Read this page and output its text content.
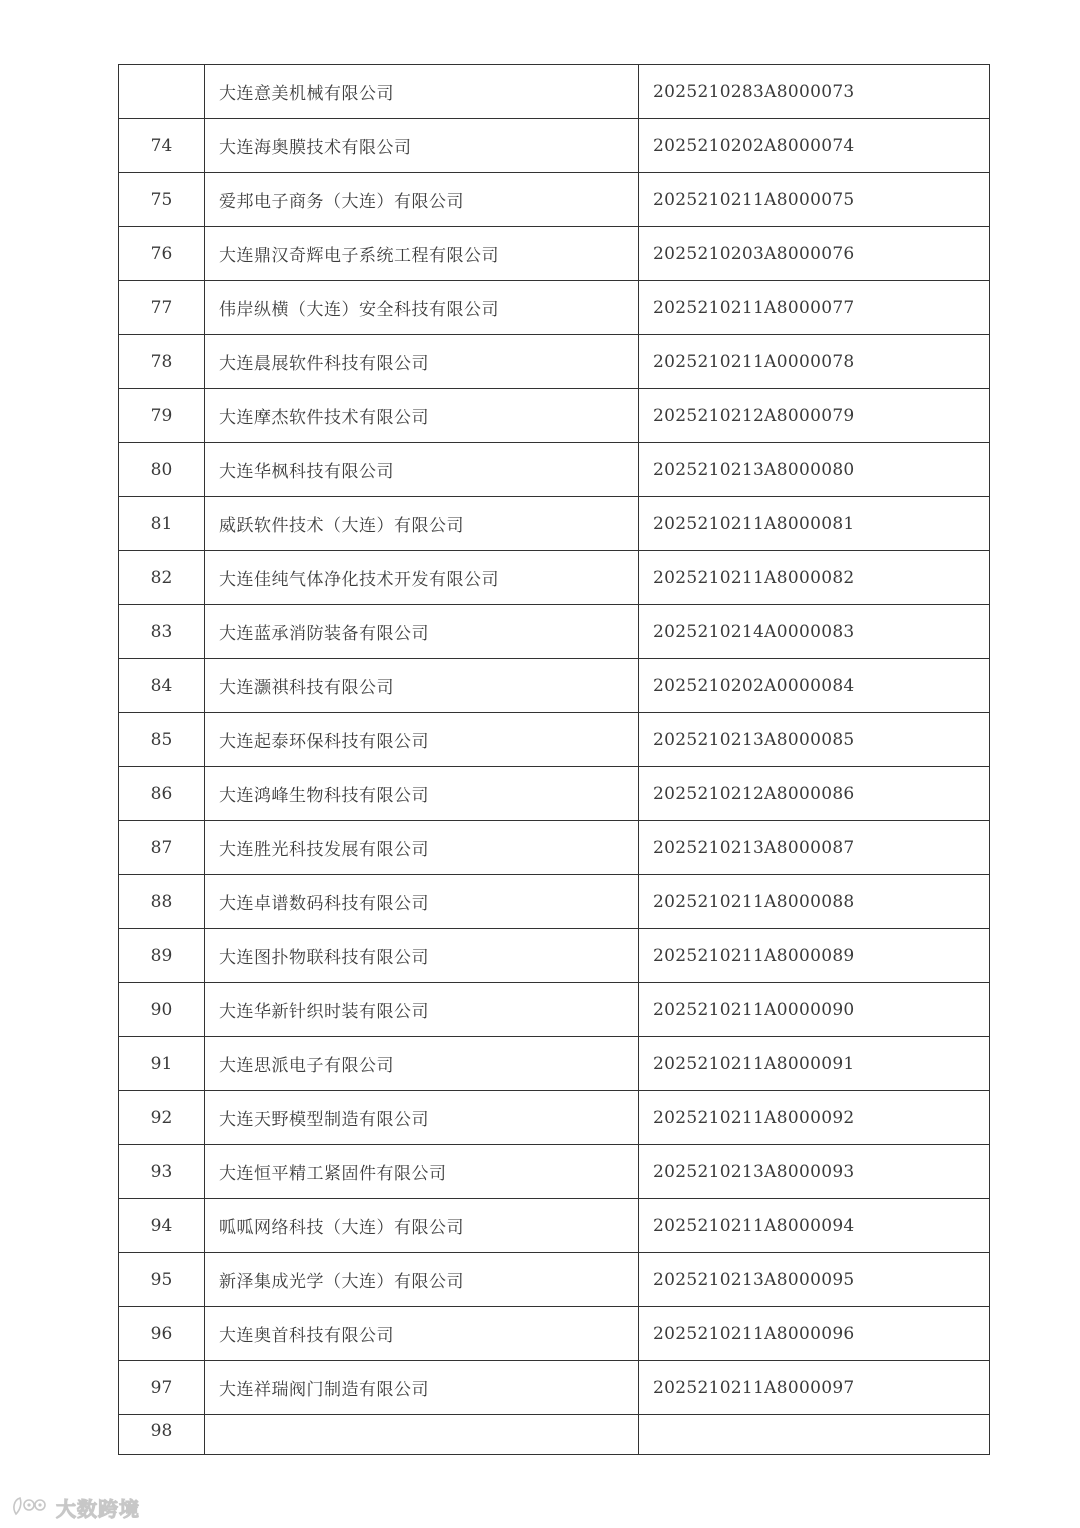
	大连意美机械有限公司	2025210283A8000073
74	大连海奥膜技术有限公司	2025210202A8000074
75	爱邦电子商务（大连）有限公司	2025210211A8000075
76	大连鼎汉奇辉电子系统工程有限公司	2025210203A8000076
77	伟岸纵横（大连）安全科技有限公司	2025210211A8000077
78	大连晨展软件科技有限公司	2025210211A0000078
79	大连摩杰软件技术有限公司	2025210212A8000079
80	大连华枫科技有限公司	2025210213A8000080
81	威跃软件技术（大连）有限公司	2025210211A8000081
82	大连佳纯气体净化技术开发有限公司	2025210211A8000082
83	大连蓝承消防装备有限公司	2025210214A0000083
84	大连灏祺科技有限公司	2025210202A0000084
85	大连起泰环保科技有限公司	2025210213A8000085
86	大连鸿峰生物科技有限公司	2025210212A8000086
87	大连胜光科技发展有限公司	2025210213A8000087
88	大连卓谱数码科技有限公司	2025210211A8000088
89	大连图扑物联科技有限公司	2025210211A8000089
90	大连华新针织时装有限公司	2025210211A0000090
91	大连思派电子有限公司	2025210211A8000091
92	大连天野模型制造有限公司	2025210211A8000092
93	大连恒平精工紧固件有限公司	2025210213A8000093
94	呱呱网络科技（大连）有限公司	2025210211A8000094
95	新泽集成光学（大连）有限公司	2025210213A8000095
96	大连奥首科技有限公司	2025210211A8000096
97	大连祥瑞阀门制造有限公司	2025210211A8000097
98		
大数跨境
